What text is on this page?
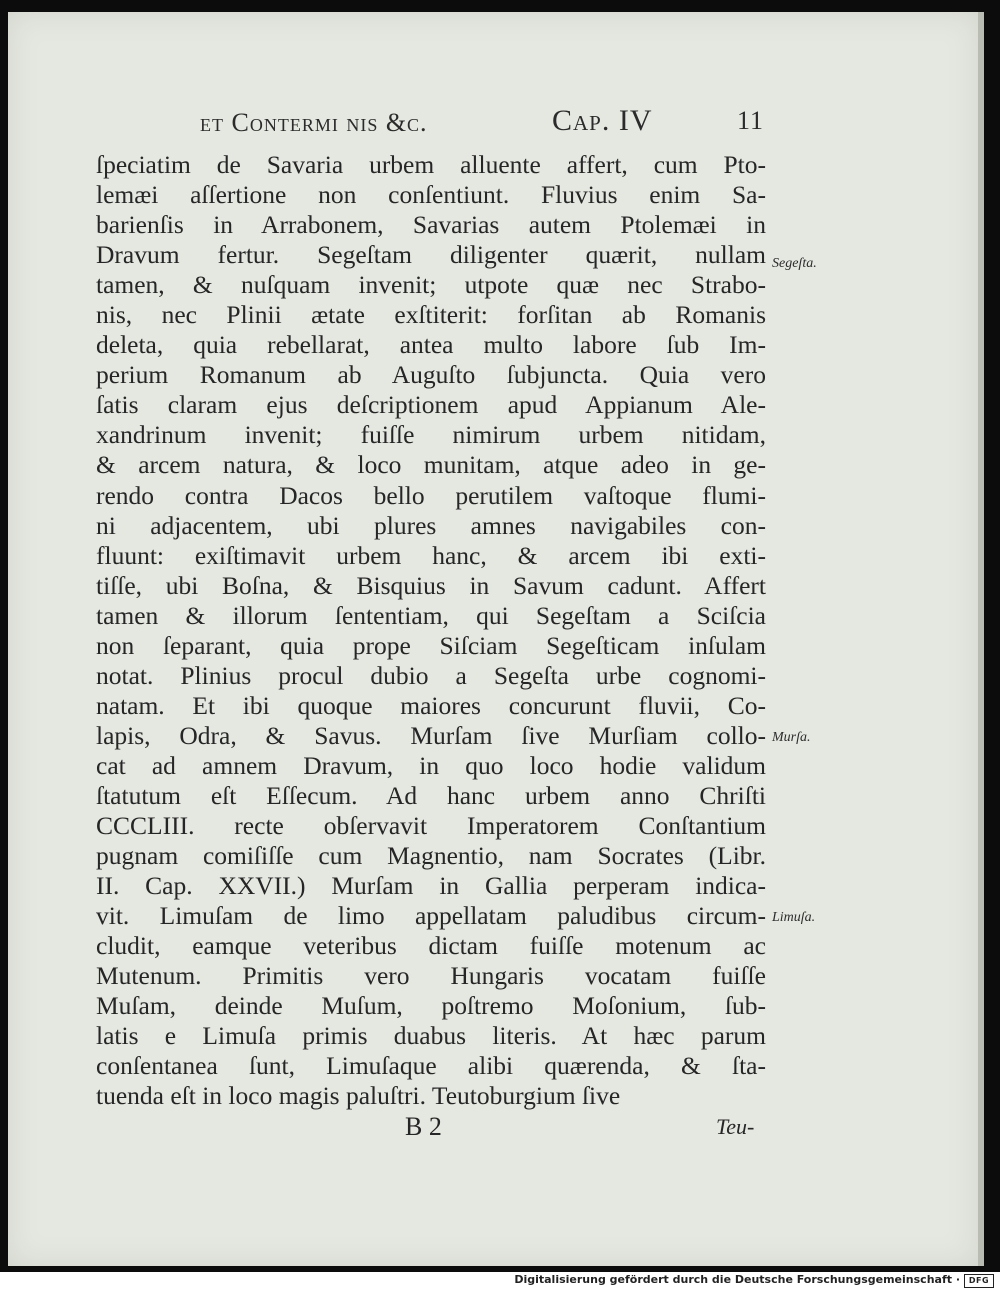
et Contermi nis &c.	Cap. IV	11
ſpeciatim de Savaria urbem alluente affert, cum Pto-
lemæi aſſertione non conſentiunt. Fluvius enim Sa-
barienſis in Arrabonem, Savarias autem Ptolemæi in
Dravum fertur. Segeſtam diligenter quærit, nullam
tamen, & nuſquam invenit; utpote quæ nec Strabo-
nis, nec Plinii ætate exſtiterit: forſitan ab Romanis
deleta, quia rebellarat, antea multo labore ſub Im-
perium Romanum ab Auguſto ſubjuncta. Quia vero
ſatis claram ejus deſcriptionem apud Appianum Ale-
xandrinum invenit; fuiſſe nimirum urbem nitidam,
& arcem natura, & loco munitam, atque adeo in ge-
rendo contra Dacos bello perutilem vaſtoque flumi-
ni adjacentem, ubi plures amnes navigabiles con-
fluunt: exiſtimavit urbem hanc, & arcem ibi exti-
tiſſe, ubi Boſna, & Bisquius in Savum cadunt. Affert
tamen & illorum ſententiam, qui Segeſtam a Sciſcia
non ſeparant, quia prope Siſciam Segeſticam inſulam
notat. Plinius procul dubio a Segeſta urbe cognomi-
natam. Et ibi quoque maiores concurunt fluvii, Co-
lapis, Odra, & Savus. Murſam ſive Murſiam collo-
cat ad amnem Dravum, in quo loco hodie validum
ſtatutum eſt Eſſecum. Ad hanc urbem anno Chriſti
CCCLIII. recte obſervavit Imperatorem Conſtantium
pugnam comiſiſſe cum Magnentio, nam Socrates (Libr.
II. Cap. XXVII.) Murſam in Gallia perperam indica-
vit. Limuſam de limo appellatam paludibus circum-
cludit, eamque veteribus dictam fuiſſe motenum ac
Mutenum. Primitis vero Hungaris vocatam fuiſſe
Muſam, deinde Muſum, poſtremo Moſonium, ſub-
latis e Limuſa primis duabus literis. At hæc parum
conſentanea ſunt, Limuſaque alibi quærenda, & ſta-
tuenda eſt in loco magis paluſtri. Teutoburgium ſive
Segeſta.
Murſa.
Limuſa.
B 2	Teu-
Digitalisierung gefördert durch die Deutsche Forschungsgemeinschaft ·	DFG
